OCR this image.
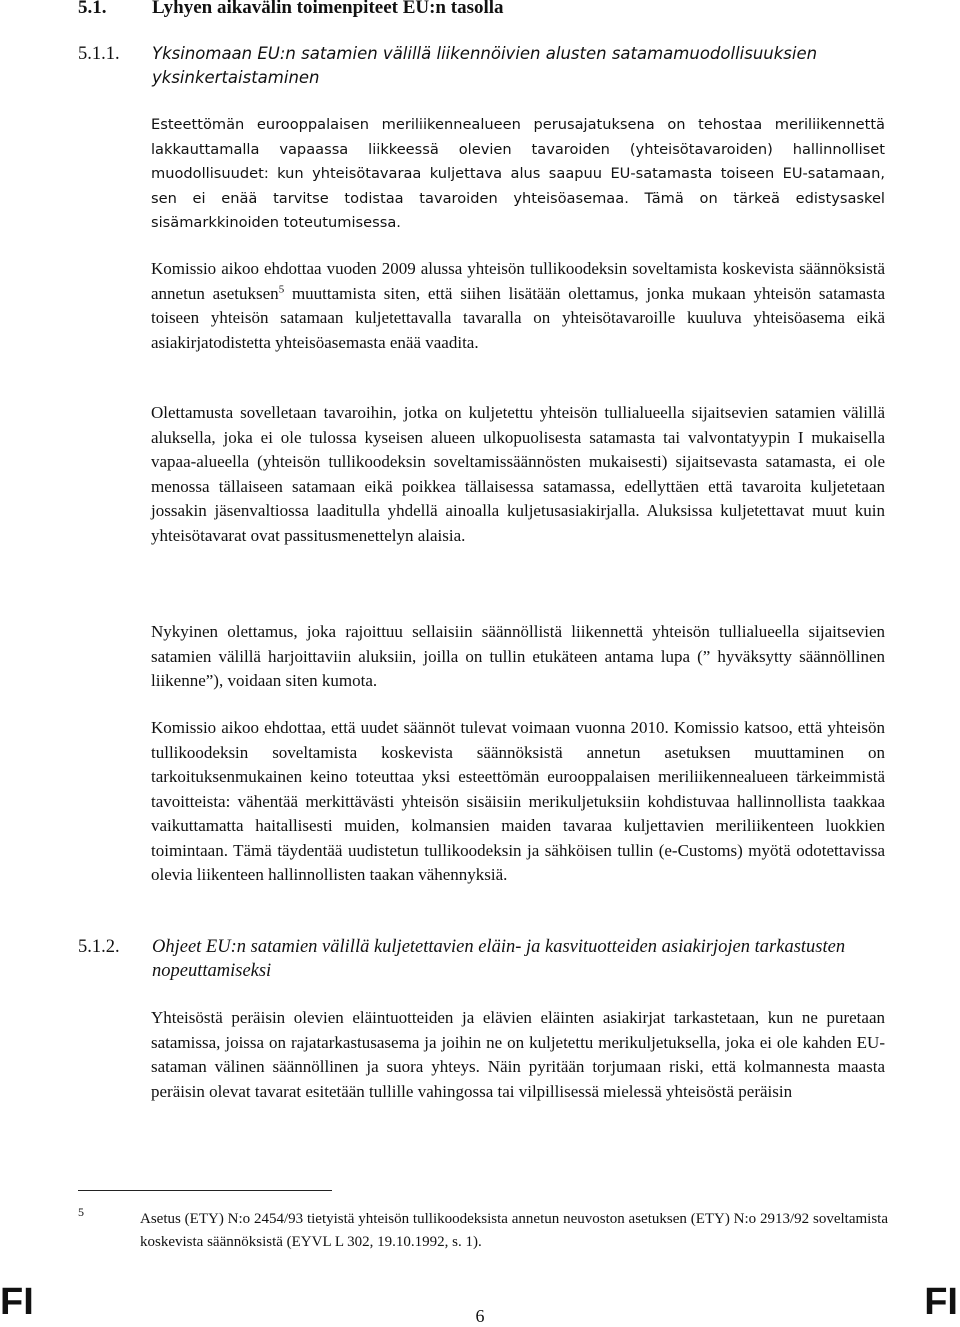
5.1. Lyhyen aikavälin toimenpiteet EU:n tasolla
5.1.1. Yksinomaan EU:n satamien välillä liikennöivien alusten satamamuodollisuuksien yksinkertaistaminen

Esteettömän eurooppalaisen meriliikennealueen perusajatuksena on tehostaa meriliikennettä lakkauttamalla vapaassa liikkeessä olevien tavaroiden (yhteisötavaroiden) hallinnolliset muodollisuudet: kun yhteisötavaraa kuljettava alus saapuu EU-satamasta toiseen EU-satamaan, sen ei enää tarvitse todistaa tavaroiden yhteisöasemaa. Tämä on tärkeä edistysaskel sisämarkkinoiden toteutumisessa.

Komissio aikoo ehdottaa vuoden 2009 alussa yhteisön tullikoodeksin soveltamista koskevista säännöksistä annetun asetuksen$^5$ muuttamista siten, että siihen lisätään olettamus, jonka mukaan yhteisön satamasta toiseen yhteisön satamaan kuljetettavalla tavaralla on yhteisötavaroille kuuluva yhteisöasema eikä asiakirjatodistetta yhteisöasemasta enää vaadita.

Olettamusta sovelletaan tavaroihin, jotka on kuljetettu yhteisön tullialueella sijaitsevien satamien välillä aluksella, joka ei ole tulossa kyseisen alueen ulkopuolisesta satamasta tai valvontatyypin I mukaisella vapaa-alueella (yhteisön tullikoodeksin soveltamissäännösten mukaisesti) sijaitsevasta satamasta, ei ole menossa tällaiseen satamaan eikä poikkea tällaisessa satamassa, edellyttäen että tavaroita kuljetetaan jossakin jäsenvaltiossa laaditulla yhdellä ainoalla kuljetusasiakirjalla. Aluksissa kuljetettavat muut kuin yhteisötavarat ovat passitusmenettelyn alaisia.

Nykyinen olettamus, joka rajoittuu sellaisiin säännöllistä liikennettä yhteisön tullialueella sijaitsevien satamien välillä harjoittaviin aluksiin, joilla on tullin etukäteen antama lupa (” hyväksytty säännöllinen liikenne”), voidaan siten kumota.

Komissio aikoo ehdottaa, että uudet säännöt tulevat voimaan vuonna 2010. Komissio katsoo, että yhteisön tullikoodeksin soveltamista koskevista säännöksistä annetun asetuksen muuttaminen on tarkoituksenmukainen keino toteuttaa yksi esteettömän eurooppalaisen meriliikennealueen tärkeimmistä tavoitteista: vähentää merkittävästi yhteisön sisäisiin merikuljetuksiin kohdistuvaa hallinnollista taakkaa vaikuttamatta haitallisesti muiden, kolmansien maiden tavaraa kuljettavien meriliikenteen luokkien toimintaan. Tämä täydentää uudistetun tullikoodeksin ja sähköisen tullin (e-Customs) myötä odotettavissa olevia liikenteen hallinnollisten taakan vähennyksiä.

5.1.2. Ohjeet EU:n satamien välillä kuljetettavien eläin- ja kasvituotteiden asiakirjojen tarkastusten nopeuttamiseksi

Yhteisöstä peräisin olevien eläintuotteiden ja elävien eläinten asiakirjat tarkastetaan, kun ne puretaan satamissa, joissa on rajatarkastusasema ja joihin ne on kuljetettu merikuljetuksella, joka ei ole kahden EU-sataman välinen säännöllinen ja suora yhteys. Näin pyritään torjumaan riski, että kolmannesta maasta peräisin olevat tavarat esitetään tullille vahingossa tai vilpillisessä mielessä yhteisöstä peräisin

5	Asetus (ETY) N:o 2454/93 tietyistä yhteisön tullikoodeksista annetun neuvoston asetuksen (ETY) N:o 2913/92 soveltamista koskevista säännöksistä (EYVL L 302, 19.10.1992, s. 1).
FI	6	FI
